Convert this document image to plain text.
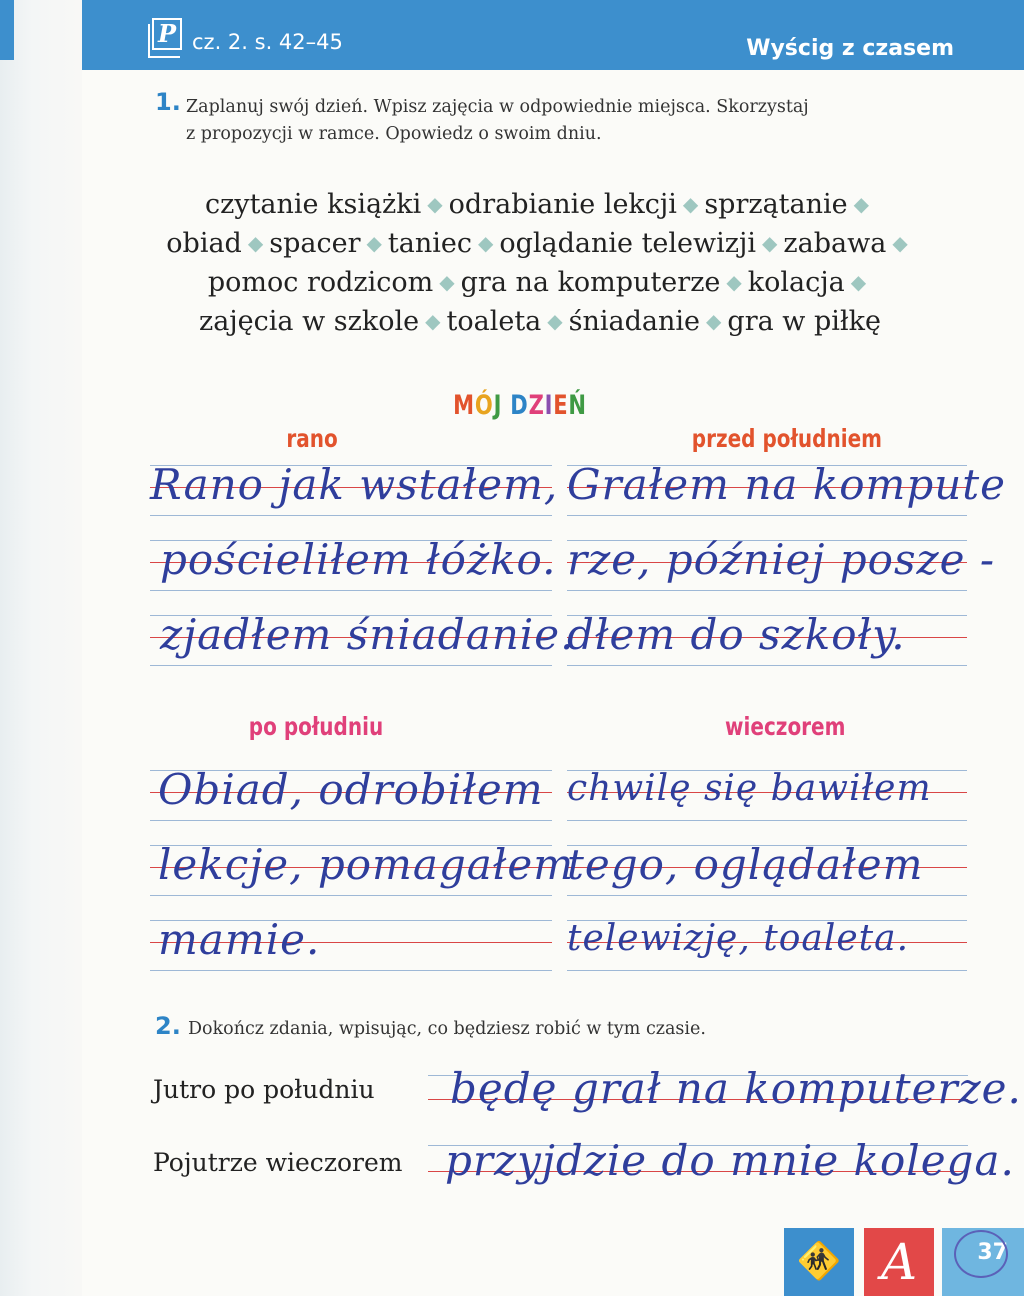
P cz. 2. s. 42–45	Wyścig z czasem
1. Zaplanuj swój dzień. Wpisz zajęcia w odpowiednie miejsca. Skorzystaj
z propozycji w ramce. Opowiedz o swoim dniu.
czytanie książki ◆ odrabianie lekcji ◆ sprzątanie ◆
obiad ◆ spacer ◆ taniec ◆ oglądanie telewizji ◆ zabawa ◆
pomoc rodzicom ◆ gra na komputerze ◆ kolacja ◆
zajęcia w szkole ◆ toaleta ◆ śniadanie ◆ gra w piłkę
MÓJ DZIEŃ
rano	przed południem
po południu	wieczorem
Rano jak wstałem,
pościeliłem łóżko.
zjadłem śniadanie.
Grałem na kompute
rze, później posze -
dłem do szkoły.
Obiad, odrobiłem
lekcje, pomagałem
mamie.
chwilę się bawiłem
tego, oglądałem
telewizję, toaleta.
2. Dokończ zdania, wpisując, co będziesz robić w tym czasie.
Jutro po południu będę grał na komputerze.
Pojutrze wieczorem przyjdzie do mnie kolega.
🚸 A	37
